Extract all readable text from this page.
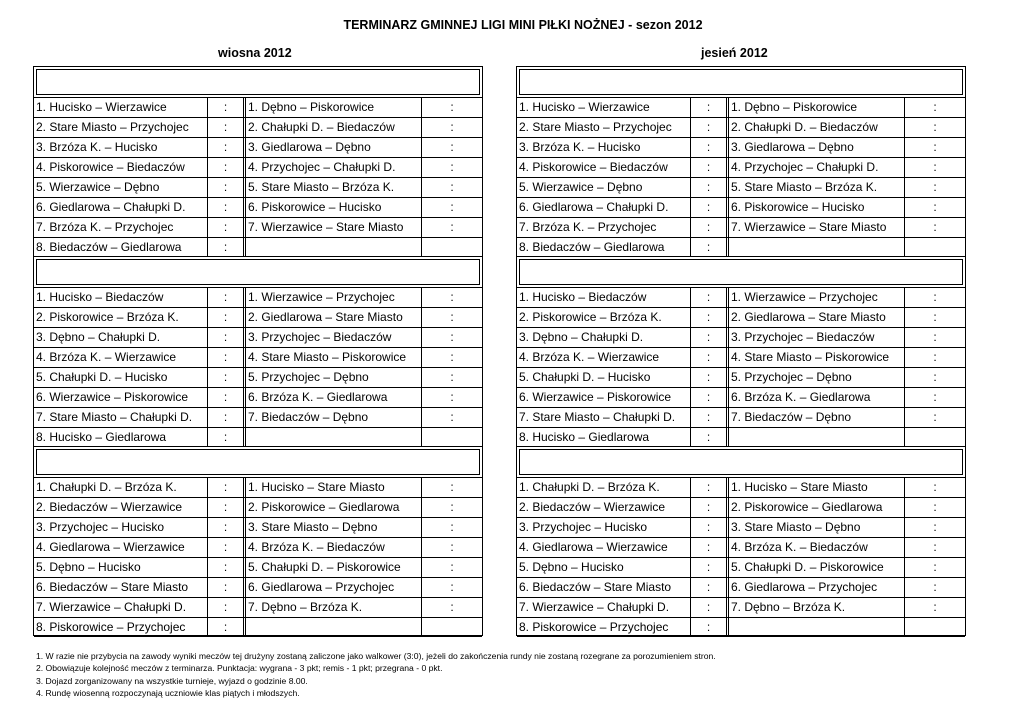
TERMINARZ GMINNEJ LIGI MINI PIŁKI NOŻNEJ - sezon 2012
wiosna 2012	jesień 2012
1. Hucisko – Wierzawice	:	1. Dębno – Piskorowice	:
2. Stare Miasto – Przychojec	:	2. Chałupki D. – Biedaczów	:
3. Brzóza K. – Hucisko	:	3. Giedlarowa – Dębno	:
4. Piskorowice – Biedaczów	:	4. Przychojec – Chałupki D.	:
5. Wierzawice – Dębno	:	5. Stare Miasto – Brzóza K.	:
6. Giedlarowa – Chałupki D.	:	6. Piskorowice – Hucisko	:
7. Brzóza K. – Przychojec	:	7. Wierzawice – Stare Miasto	:
8. Biedaczów – Giedlarowa	:
1. Hucisko – Biedaczów	:	1. Wierzawice – Przychojec	:
2. Piskorowice – Brzóza K.	:	2. Giedlarowa – Stare Miasto	:
3. Dębno – Chałupki D.	:	3. Przychojec – Biedaczów	:
4. Brzóza K. – Wierzawice	:	4. Stare Miasto – Piskorowice	:
5. Chałupki D. – Hucisko	:	5. Przychojec – Dębno	:
6. Wierzawice – Piskorowice	:	6. Brzóza K. – Giedlarowa	:
7. Stare Miasto – Chałupki D.	:	7. Biedaczów – Dębno	:
8. Hucisko – Giedlarowa	:
1. Chałupki D. – Brzóza K.	:	1. Hucisko – Stare Miasto	:
2. Biedaczów – Wierzawice	:	2. Piskorowice – Giedlarowa	:
3. Przychojec – Hucisko	:	3. Stare Miasto – Dębno	:
4. Giedlarowa – Wierzawice	:	4. Brzóza K. – Biedaczów	:
5. Dębno – Hucisko	:	5. Chałupki D. – Piskorowice	:
6. Biedaczów – Stare Miasto	:	6. Giedlarowa – Przychojec	:
7. Wierzawice – Chałupki D.	:	7. Dębno – Brzóza K.	:
8. Piskorowice – Przychojec	:
1. Hucisko – Wierzawice	:	1. Dębno – Piskorowice	:
2. Stare Miasto – Przychojec	:	2. Chałupki D. – Biedaczów	:
3. Brzóza K. – Hucisko	:	3. Giedlarowa – Dębno	:
4. Piskorowice – Biedaczów	:	4. Przychojec – Chałupki D.	:
5. Wierzawice – Dębno	:	5. Stare Miasto – Brzóza K.	:
6. Giedlarowa – Chałupki D.	:	6. Piskorowice – Hucisko	:
7. Brzóza K. – Przychojec	:	7. Wierzawice – Stare Miasto	:
8. Biedaczów – Giedlarowa	:
1. Hucisko – Biedaczów	:	1. Wierzawice – Przychojec	:
2. Piskorowice – Brzóza K.	:	2. Giedlarowa – Stare Miasto	:
3. Dębno – Chałupki D.	:	3. Przychojec – Biedaczów	:
4. Brzóza K. – Wierzawice	:	4. Stare Miasto – Piskorowice	:
5. Chałupki D. – Hucisko	:	5. Przychojec – Dębno	:
6. Wierzawice – Piskorowice	:	6. Brzóza K. – Giedlarowa	:
7. Stare Miasto – Chałupki D.	:	7. Biedaczów – Dębno	:
8. Hucisko – Giedlarowa	:
1. Chałupki D. – Brzóza K.	:	1. Hucisko – Stare Miasto	:
2. Biedaczów – Wierzawice	:	2. Piskorowice – Giedlarowa	:
3. Przychojec – Hucisko	:	3. Stare Miasto – Dębno	:
4. Giedlarowa – Wierzawice	:	4. Brzóza K. – Biedaczów	:
5. Dębno – Hucisko	:	5. Chałupki D. – Piskorowice	:
6. Biedaczów – Stare Miasto	:	6. Giedlarowa – Przychojec	:
7. Wierzawice – Chałupki D.	:	7. Dębno – Brzóza K.	:
8. Piskorowice – Przychojec	:
1. W razie nie przybycia na zawody wyniki meczów tej drużyny zostaną zaliczone jako walkower (3:0), jeżeli do zakończenia rundy nie zostaną rozegrane za porozumieniem stron.
2. Obowiązuje kolejność meczów z terminarza. Punktacja: wygrana - 3 pkt; remis - 1 pkt; przegrana - 0 pkt.
3. Dojazd zorganizowany na wszystkie turnieje, wyjazd o godzinie 8.00.
4. Rundę wiosenną rozpoczynają uczniowie klas piątych i młodszych.
